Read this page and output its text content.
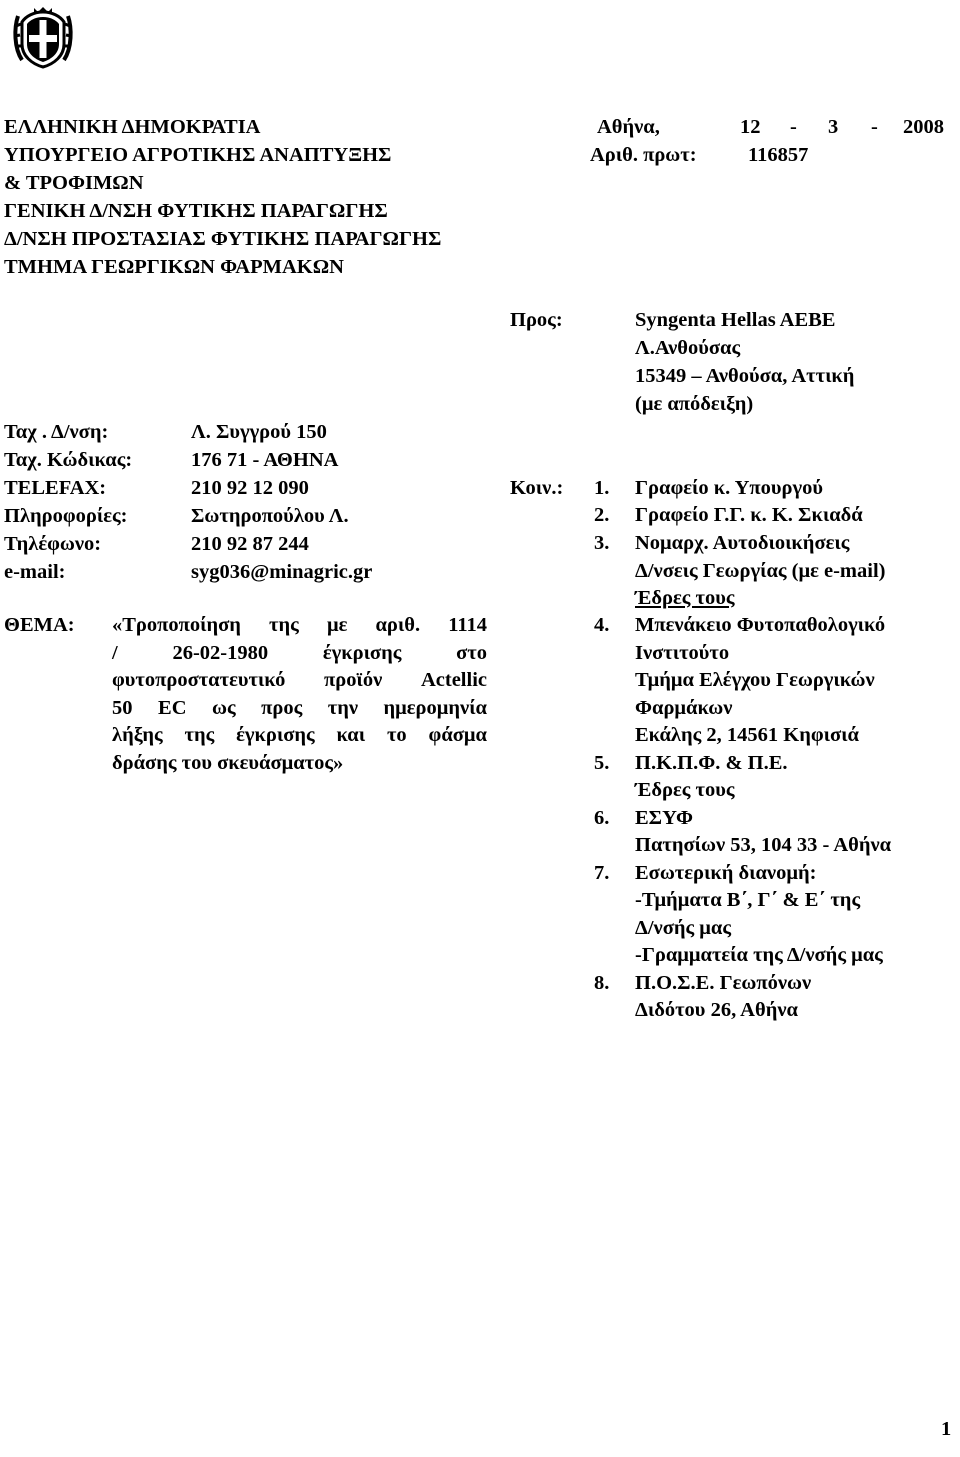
ΕΛΛΗΝΙΚΗ ΔΗΜΟΚΡΑΤΙΑ
ΥΠΟΥΡΓΕΙΟ ΑΓΡΟΤΙΚΗΣ ΑΝΑΠΤΥΞΗΣ
& ΤΡΟΦΙΜΩΝ
ΓΕΝΙΚΗ Δ/ΝΣΗ ΦΥΤΙΚΗΣ ΠΑΡΑΓΩΓΗΣ
Δ/ΝΣΗ ΠΡΟΣΤΑΣΙΑΣ ΦΥΤΙΚΗΣ ΠΑΡΑΓΩΓΗΣ
ΤΜΗΜΑ ΓΕΩΡΓΙΚΩΝ ΦΑΡΜΑΚΩΝ
Αθήνα,	12 - 3 - 2008
Αριθ. πρωτ:	116857
Προς:	Syngenta Hellas AEBE
Λ.Ανθούσας
15349 – Ανθούσα, Αττική
(με απόδειξη)
Ταχ . Δ/νση:	Λ. Συγγρού 150
Ταχ. Κώδικας:	176 71 - ΑΘΗΝΑ
TELEFAX:	210 92 12 090
Πληροφορίες:	Σωτηροπούλου Λ.
Τηλέφωνο:	210 92 87 244
e-mail:	syg036@minagric.gr
ΘΕΜΑ: «Τροποποίηση της με αριθ. 1114
/ 26-02-1980 έγκρισης στο
φυτοπροστατευτικό προϊόν Actellic
50 EC ως προς την ημερομηνία
λήξης της έγκρισης και το φάσμα
δράσης του σκευάσματος»
Κοιν.: 1. Γραφείο κ. Υπουργού
2. Γραφείο Γ.Γ. κ. Κ. Σκιαδά
3. Νομαρχ. Αυτοδιοικήσεις
Δ/νσεις Γεωργίας (με e-mail)
Έδρες τους
4. Μπενάκειο Φυτοπαθολογικό
Ινστιτούτο
Τμήμα Ελέγχου Γεωργικών
Φαρμάκων
Εκάλης 2, 14561 Κηφισιά
5. Π.Κ.Π.Φ. & Π.Ε.
Έδρες τους
6. ΕΣΥΦ
Πατησίων 53, 104 33 - Αθήνα
7. Εσωτερική διανομή:
-Τμήματα Β΄, Γ΄ & Ε΄ της
Δ/νσής μας
-Γραμματεία της Δ/νσής μας
8. Π.Ο.Σ.Ε. Γεωπόνων
Διδότου 26, Αθήνα
1
